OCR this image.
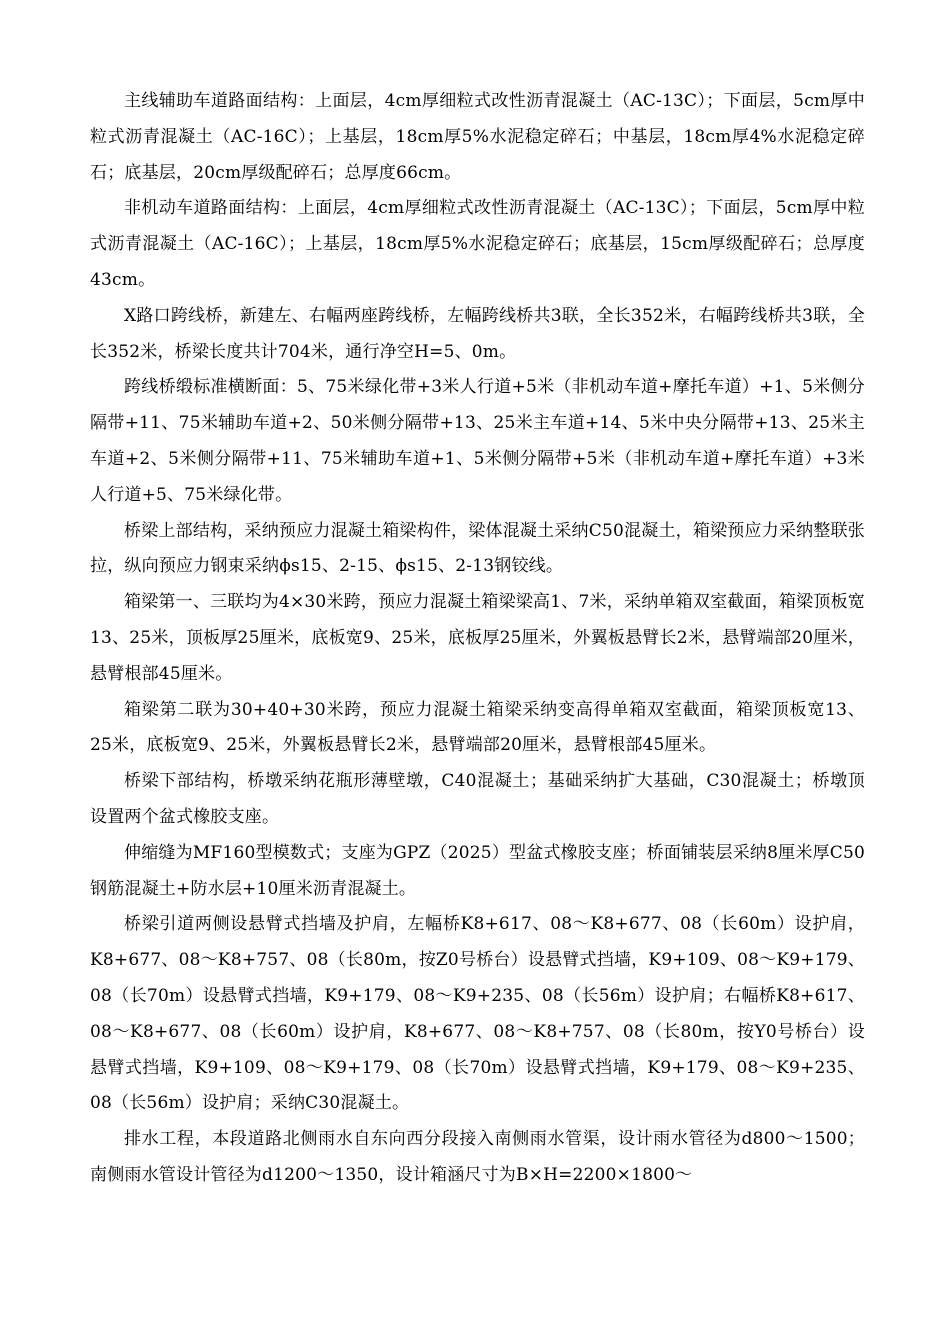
主线辅助车道路面结构：上面层，4cm厚细粒式改性沥青混凝土（AC-13C）；下面层，5cm厚中粒式沥青混凝土（AC-16C）；上基层，18cm厚5%水泥稳定碎石；中基层，18cm厚4%水泥稳定碎石；底基层，20cm厚级配碎石；总厚度66cm。

非机动车道路面结构：上面层，4cm厚细粒式改性沥青混凝土（AC-13C）；下面层，5cm厚中粒式沥青混凝土（AC-16C）；上基层，18cm厚5%水泥稳定碎石；底基层，15cm厚级配碎石；总厚度43cm。

X路口跨线桥，新建左、右幅两座跨线桥，左幅跨线桥共3联，全长352米，右幅跨线桥共3联，全长352米，桥梁长度共计704米，通行净空H=5、0m。

跨线桥缎标准横断面：5、75米绿化带+3米人行道+5米（非机动车道+摩托车道）+1、5米侧分隔带+11、75米辅助车道+2、50米侧分隔带+13、25米主车道+14、5米中央分隔带+13、25米主车道+2、5米侧分隔带+11、75米辅助车道+1、5米侧分隔带+5米（非机动车道+摩托车道）+3米人行道+5、75米绿化带。

桥梁上部结构，采纳预应力混凝土箱梁构件，梁体混凝土采纳C50混凝土，箱梁预应力采纳整联张拉，纵向预应力钢束采纳ϕs15、2-15、ϕs15、2-13钢铰线。

箱梁第一、三联均为4×30米跨，预应力混凝土箱梁梁高1、7米，采纳单箱双室截面，箱梁顶板宽13、25米，顶板厚25厘米，底板宽9、25米，底板厚25厘米，外翼板悬臂长2米，悬臂端部20厘米，悬臂根部45厘米。

箱梁第二联为30+40+30米跨，预应力混凝土箱梁采纳变高得单箱双室截面，箱梁顶板宽13、25米，底板宽9、25米，外翼板悬臂长2米，悬臂端部20厘米，悬臂根部45厘米。

桥梁下部结构，桥墩采纳花瓶形薄壁墩，C40混凝土；基础采纳扩大基础，C30混凝土；桥墩顶设置两个盆式橡胶支座。

伸缩缝为MF160型模数式；支座为GPZ（2025）型盆式橡胶支座；桥面铺装层采纳8厘米厚C50钢筋混凝土+防水层+10厘米沥青混凝土。

桥梁引道两侧设悬臂式挡墙及护肩，左幅桥K8+617、08～K8+677、08（长60m）设护肩，K8+677、08～K8+757、08（长80m，按Z0号桥台）设悬臂式挡墙，K9+109、08～K9+179、08（长70m）设悬臂式挡墙，K9+179、08～K9+235、08（长56m）设护肩；右幅桥K8+617、08～K8+677、08（长60m）设护肩，K8+677、08～K8+757、08（长80m，按Y0号桥台）设悬臂式挡墙，K9+109、08～K9+179、08（长70m）设悬臂式挡墙，K9+179、08～K9+235、08（长56m）设护肩；采纳C30混凝土。

排水工程，本段道路北侧雨水自东向西分段接入南侧雨水管渠，设计雨水管径为d800～1500；南侧雨水管设计管径为d1200～1350，设计箱涵尺寸为B×H=2200×1800～
